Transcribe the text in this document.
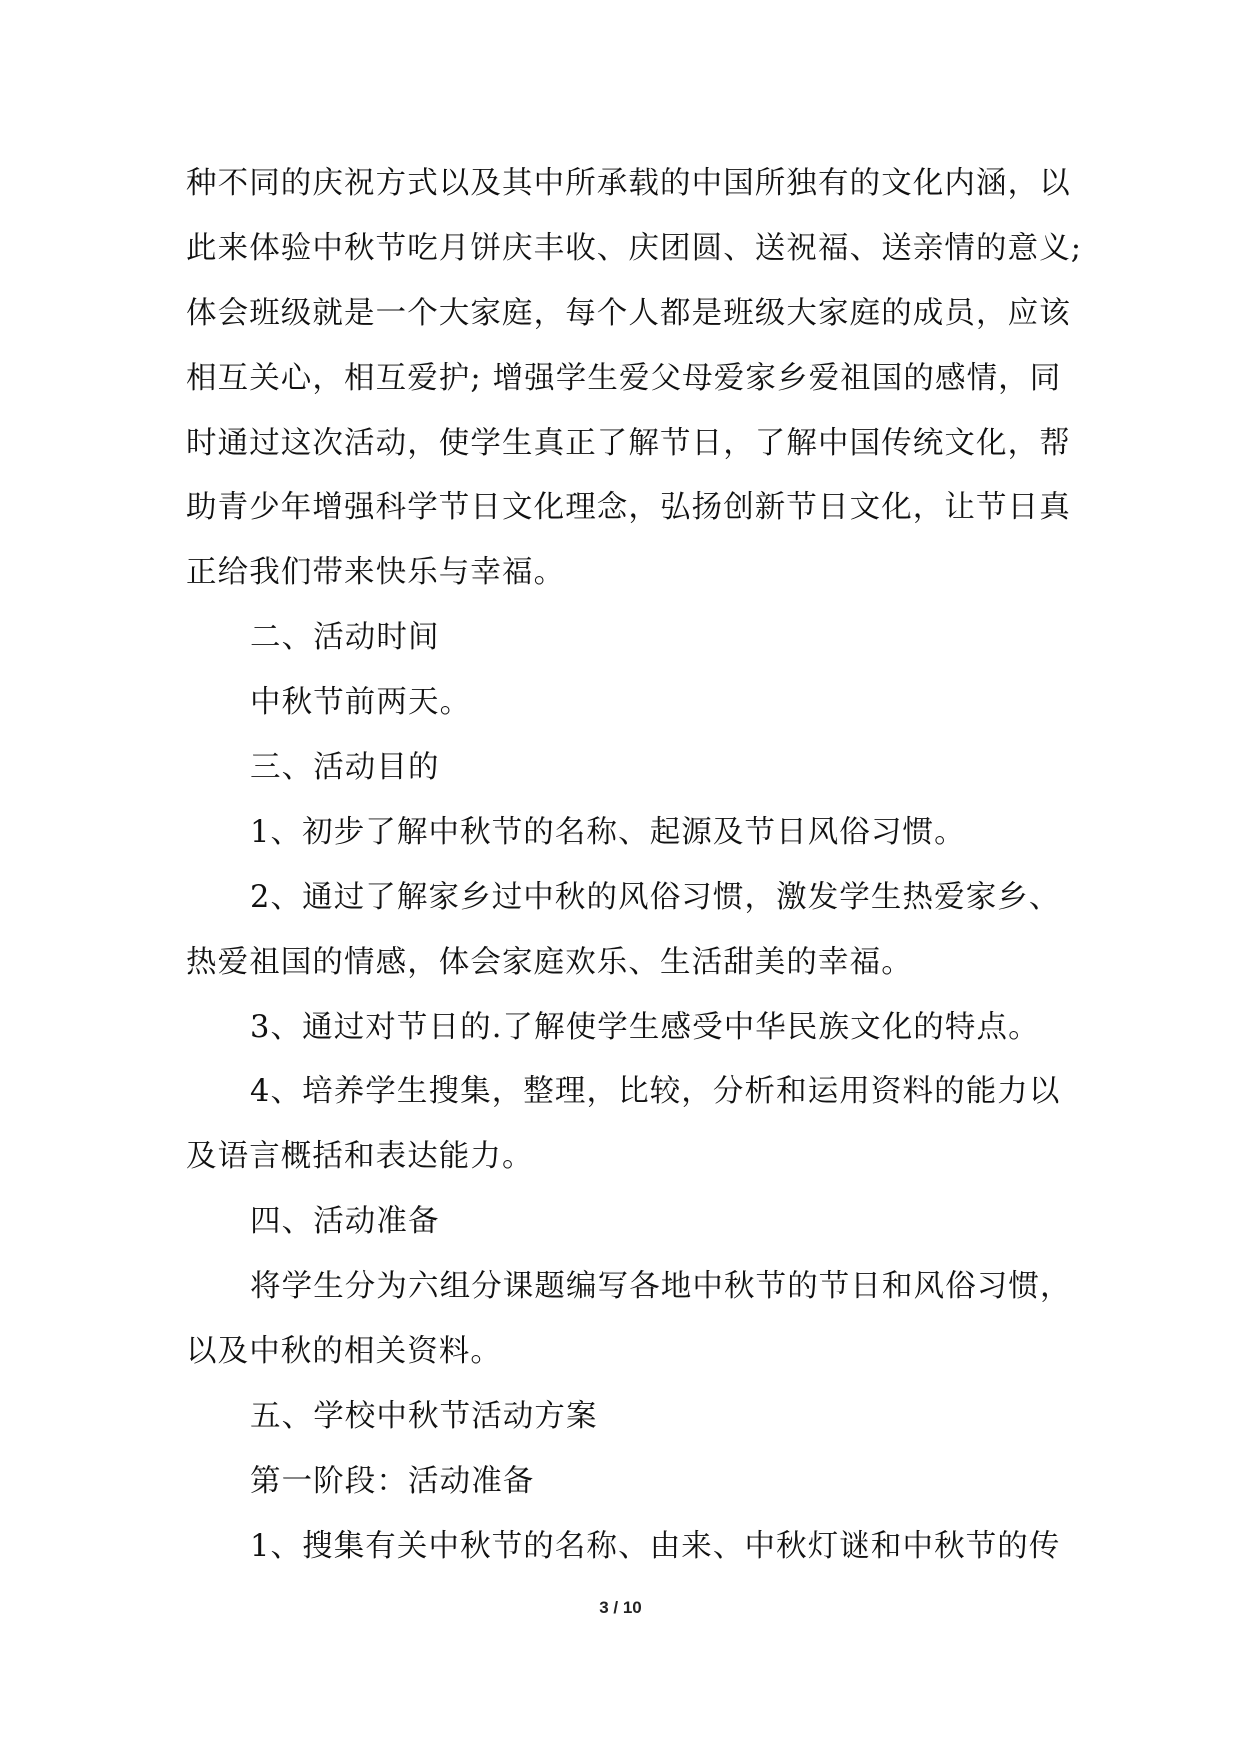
种不同的庆祝方式以及其中所承载的中国所独有的文化内涵，以
此来体验中秋节吃月饼庆丰收、庆团圆、送祝福、送亲情的意义;
体会班级就是一个大家庭，每个人都是班级大家庭的成员，应该
相互关心，相互爱护; 增强学生爱父母爱家乡爱祖国的感情，同
时通过这次活动，使学生真正了解节日，了解中国传统文化，帮
助青少年增强科学节日文化理念，弘扬创新节日文化，让节日真
正给我们带来快乐与幸福。
二、活动时间
中秋节前两天。
三、活动目的
1、初步了解中秋节的名称、起源及节日风俗习惯。
2、通过了解家乡过中秋的风俗习惯，激发学生热爱家乡、
热爱祖国的情感，体会家庭欢乐、生活甜美的幸福。
3、通过对节日的.了解使学生感受中华民族文化的特点。
4、培养学生搜集，整理，比较，分析和运用资料的能力以
及语言概括和表达能力。
四、活动准备
将学生分为六组分课题编写各地中秋节的节日和风俗习惯，
以及中秋的相关资料。
五、学校中秋节活动方案
第一阶段：活动准备
1、搜集有关中秋节的名称、由来、中秋灯谜和中秋节的传
3 / 10
